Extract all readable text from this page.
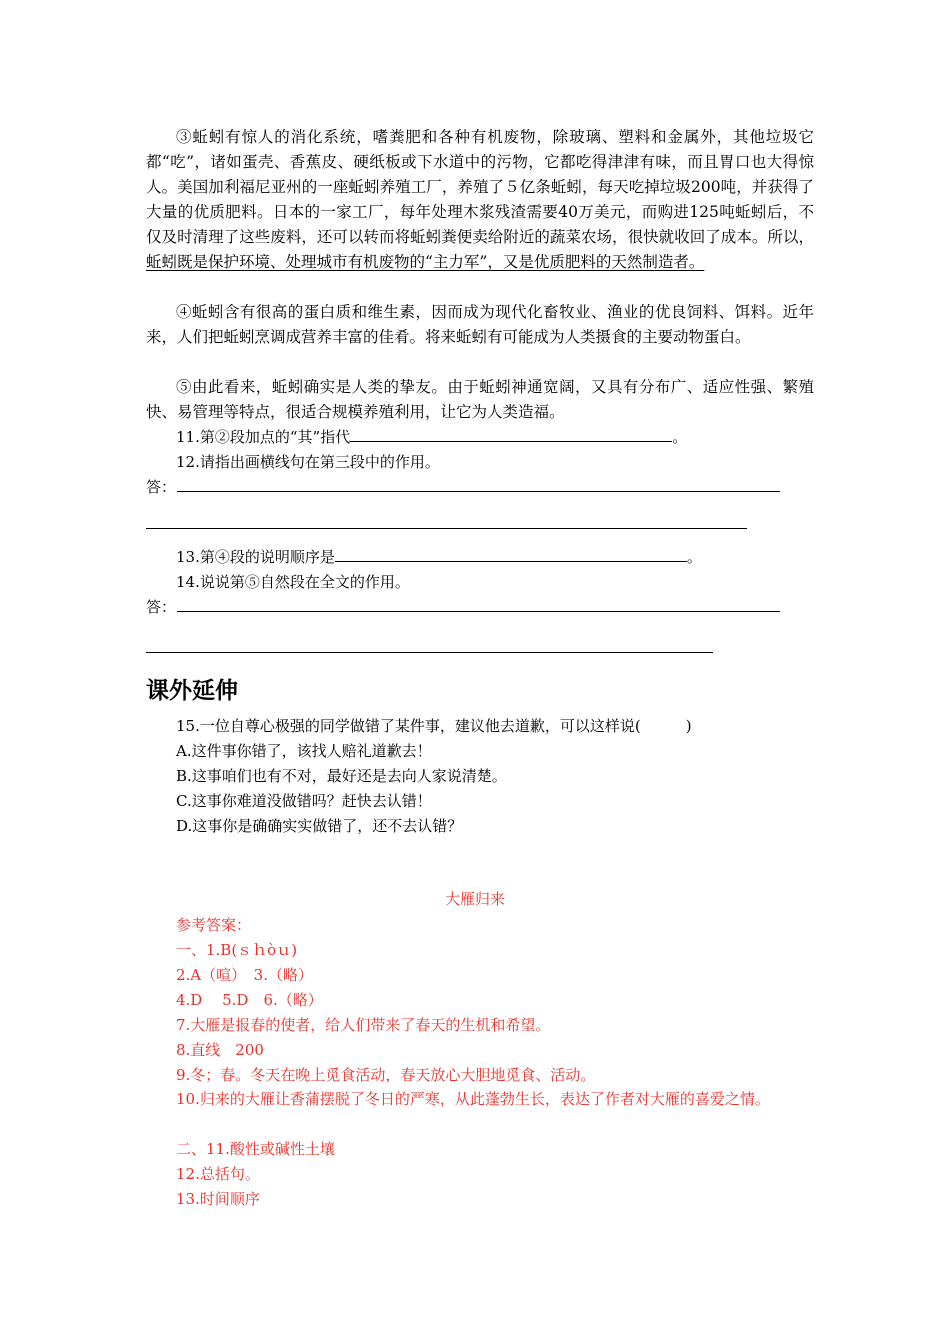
③蚯蚓有惊人的消化系统，嗜粪肥和各种有机废物，除玻璃、塑料和金属外，其他垃圾它都“吃”，诸如蛋壳、香蕉皮、硬纸板或下水道中的污物，它都吃得津津有味，而且胃口也大得惊人。美国加利福尼亚州的一座蚯蚓养殖工厂，养殖了５亿条蚯蚓，每天吃掉垃圾200吨，并获得了大量的优质肥料。日本的一家工厂，每年处理木浆残渣需要40万美元，而购进125吨蚯蚓后，不仅及时清理了这些废料，还可以转而将蚯蚓粪便卖给附近的蔬菜农场，很快就收回了成本。所以，蚯蚓既是保护环境、处理城市有机废物的“主力军”，又是优质肥料的天然制造者。

④蚯蚓含有很高的蛋白质和维生素，因而成为现代化畜牧业、渔业的优良饲料、饵料。近年来，人们把蚯蚓烹调成营养丰富的佳肴。将来蚯蚓有可能成为人类摄食的主要动物蛋白。

⑤由此看来，蚯蚓确实是人类的挚友。由于蚯蚓神通宽阔，又具有分布广、适应性强、繁殖快、易管理等特点，很适合规模养殖利用，让它为人类造福。

11.第②段加点的“其”指代	。

12.请指出画横线句在第三段中的作用。

答：

13.第④段的说明顺序是	。

14.说说第⑤自然段在全文的作用。

答：

课外延伸

15.一位自尊心极强的同学做错了某件事，建议他去道歉，可以这样说(　　　)

A.这件事你错了，该找人赔礼道歉去！

B.这事咱们也有不对，最好还是去向人家说清楚。

C.这事你难道没做错吗？赶快去认错！

D.这事你是确确实实做错了，还不去认错？

大雁归来

参考答案：

一、1.B(ｓｈòｕ)

2.A（喧）　3.（略）

4.D　 5.D　6.（略）

7.大雁是报春的使者，给人们带来了春天的生机和希望。

8.直线　200

9.冬；春。冬天在晚上觅食活动，春天放心大胆地觅食、活动。

10.归来的大雁让香蒲摆脱了冬日的严寒，从此蓬勃生长，表达了作者对大雁的喜爱之情。

二、11.酸性或碱性土壤

12.总括句。

13.时间顺序
